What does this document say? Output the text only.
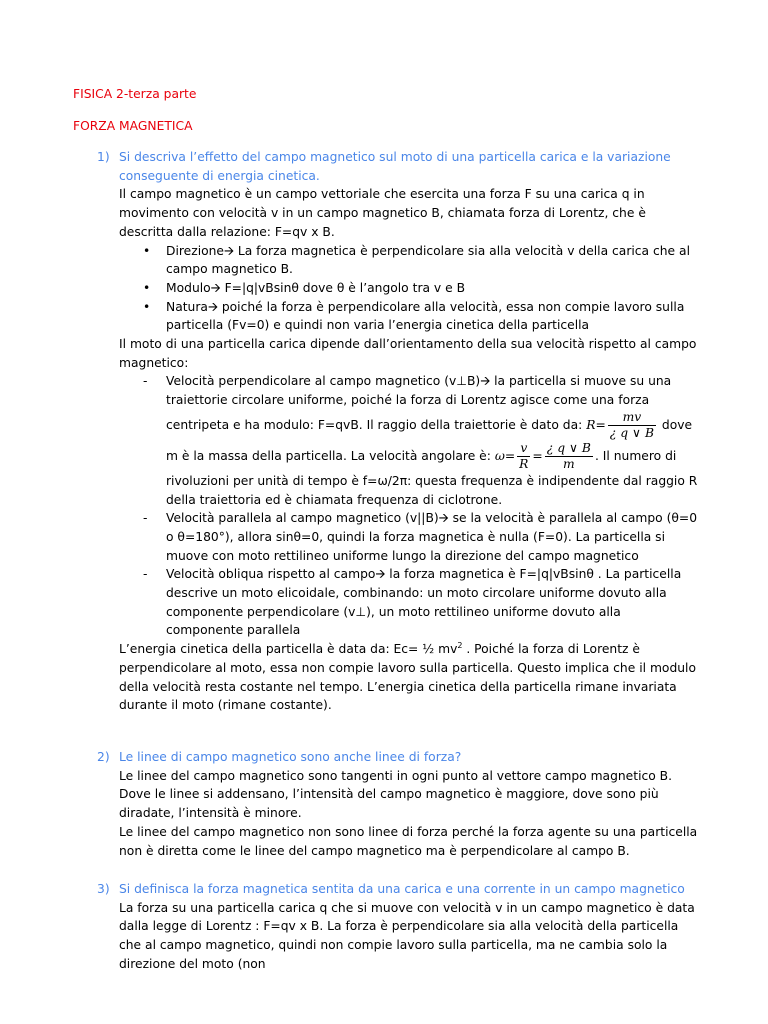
FISICA 2-terza parte
FORZA MAGNETICA
1) Si descriva l’effetto del campo magnetico sul moto di una particella carica e la variazione conseguente di energia cinetica.

Il campo magnetico è un campo vettoriale che esercita una forza F su una carica q in movimento con velocità v in un campo magnetico B, chiamata forza di Lorentz, che è descritta dalla relazione: F=qv x B.

• Direzione🡪 La forza magnetica è perpendicolare sia alla velocità v della carica che al campo magnetico B.
• Modulo🡪 F=|q|vBsinθ dove θ è l’angolo tra v e B
• Natura🡪 poiché la forza è perpendicolare alla velocità, essa non compie lavoro sulla particella (Fv=0) e quindi non varia l’energia cinetica della particella

Il moto di una particella carica dipende dall’orientamento della sua velocità rispetto al campo magnetico:

- Velocità perpendicolare al campo magnetico (v⊥B)🡪 la particella si muove su una traiettorie circolare uniforme, poiché la forza di Lorentz agisce come una forza centripeta e ha modulo: F=qvB. Il raggio della traiettorie è dato da: $R= \frac{mv}{¿ q \vee B}$ dove m è la massa della particella. La velocità angolare è: $\omega= \frac{v}{R} = \frac{¿ q \vee B}{m}$ . Il numero di rivoluzioni per unità di tempo è f=ω/2π: questa frequenza è indipendente dal raggio R della traiettoria ed è chiamata frequenza di ciclotrone.
- Velocità parallela al campo magnetico (v||B)🡪 se la velocità è parallela al campo (θ=0 o θ=180°), allora sinθ=0, quindi la forza magnetica è nulla (F=0). La particella si muove con moto rettilineo uniforme lungo la direzione del campo magnetico
- Velocità obliqua rispetto al campo🡪 la forza magnetica è F=|q|vBsinθ . La particella descrive un moto elicoidale, combinando: un moto circolare uniforme dovuto alla componente perpendicolare (v⊥), un moto rettilineo uniforme dovuto alla componente parallela

L’energia cinetica della particella è data da: Ec= ½ $mv^2$ . Poiché la forza di Lorentz è perpendicolare al moto, essa non compie lavoro sulla particella. Questo implica che il modulo della velocità resta costante nel tempo. L’energia cinetica della particella rimane invariata durante il moto (rimane costante).

2) Le linee di campo magnetico sono anche linee di forza?

Le linee del campo magnetico sono tangenti in ogni punto al vettore campo magnetico B. Dove le linee si addensano, l’intensità del campo magnetico è maggiore, dove sono più diradate, l’intensità è minore.

Le linee del campo magnetico non sono linee di forza perché la forza agente su una particella non è diretta come le linee del campo magnetico ma è perpendicolare al campo B.

3) Si definisca la forza magnetica sentita da una carica e una corrente in un campo magnetico

La forza su una particella carica q che si muove con velocità v in un campo magnetico è data dalla legge di Lorentz : F=qv x B. La forza è perpendicolare sia alla velocità della particella che al campo magnetico, quindi non compie lavoro sulla particella, ma ne cambia solo la direzione del moto (non
